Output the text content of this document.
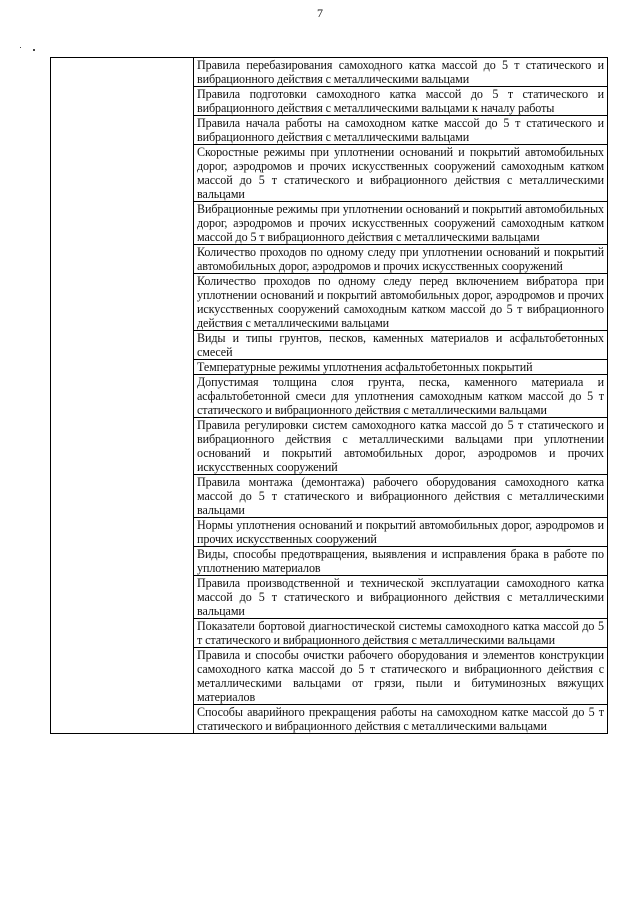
7
	Правила перебазирования самоходного катка массой до 5 т статического и вибрационного действия с металлическими вальцами
Правила подготовки самоходного катка массой до 5 т статического и вибрационного действия с металлическими вальцами к началу работы
Правила начала работы на самоходном катке массой до 5 т статического и вибрационного действия с металлическими вальцами
Скоростные режимы при уплотнении оснований и покрытий автомобильных дорог, аэродромов и прочих искусственных сооружений самоходным катком массой до 5 т статического и вибрационного действия с металлическими вальцами
Вибрационные режимы при уплотнении оснований и покрытий автомобильных дорог, аэродромов и прочих искусственных сооружений самоходным катком массой до 5 т вибрационного действия с металлическими вальцами
Количество проходов по одному следу при уплотнении оснований и покрытий автомобильных дорог, аэродромов и прочих искусственных сооружений
Количество проходов по одному следу перед включением вибратора при уплотнении оснований и покрытий автомобильных дорог, аэродромов и прочих искусственных сооружений самоходным катком массой до 5 т вибрационного действия с металлическими вальцами
Виды и типы грунтов, песков, каменных материалов и асфальтобетонных смесей
Температурные режимы уплотнения асфальтобетонных покрытий
Допустимая толщина слоя грунта, песка, каменного материала и асфальтобетонной смеси для уплотнения самоходным катком массой до 5 т статического и вибрационного действия с металлическими вальцами
Правила регулировки систем самоходного катка массой до 5 т статического и вибрационного действия с металлическими вальцами при уплотнении оснований и покрытий автомобильных дорог, аэродромов и прочих искусственных сооружений
Правила монтажа (демонтажа) рабочего оборудования самоходного катка массой до 5 т статического и вибрационного действия с металлическими вальцами
Нормы уплотнения оснований и покрытий автомобильных дорог, аэродромов и прочих искусственных сооружений
Виды, способы предотвращения, выявления и исправления брака в работе по уплотнению материалов
Правила производственной и технической эксплуатации самоходного катка массой до 5 т статического и вибрационного действия с металлическими вальцами
Показатели бортовой диагностической системы самоходного катка массой до 5 т статического и вибрационного действия с металлическими вальцами
Правила и способы очистки рабочего оборудования и элементов конструкции самоходного катка массой до 5 т статического и вибрационного действия с металлическими вальцами от грязи, пыли и битуминозных вяжущих материалов
Способы аварийного прекращения работы на самоходном катке массой до 5 т статического и вибрационного действия с металлическими вальцами
